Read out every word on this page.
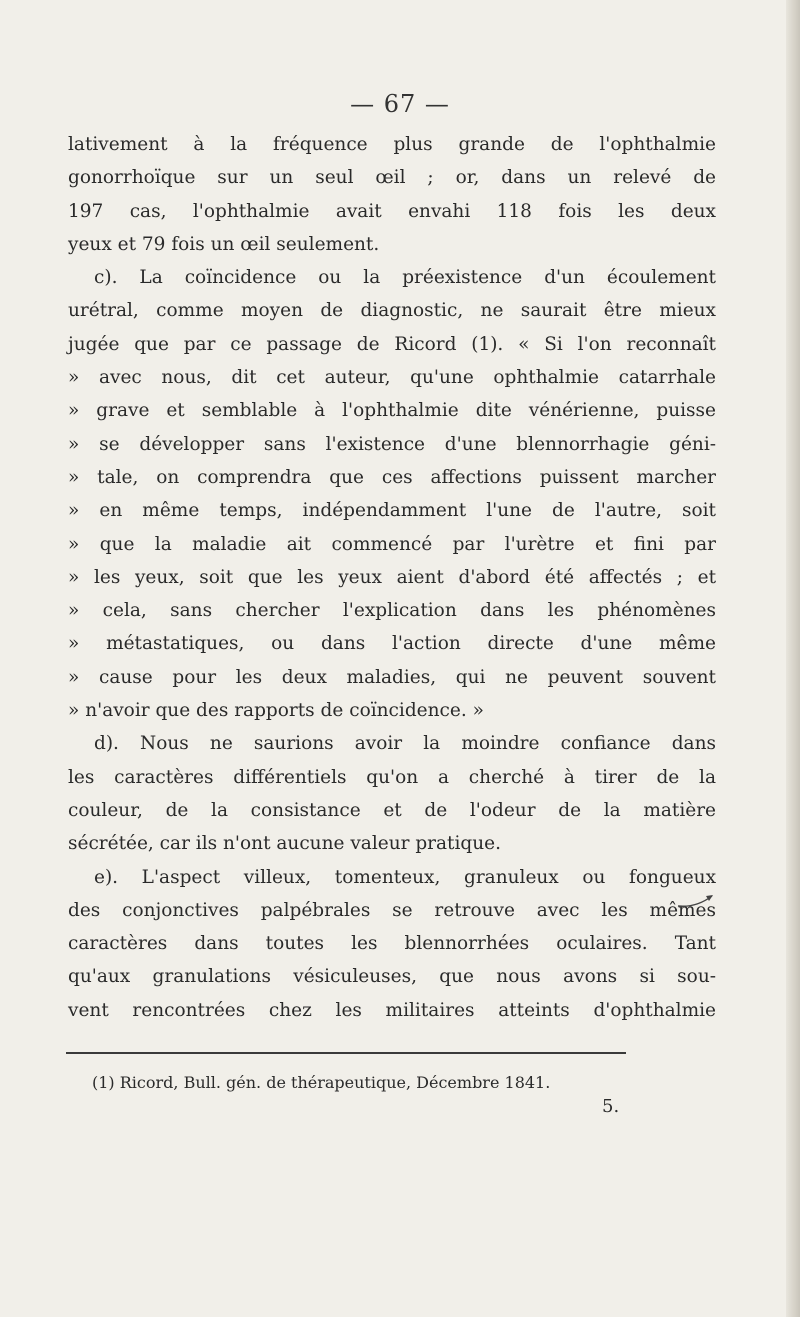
— 67 —
lativement à la fréquence plus grande de l'ophthalmie
gonorrhoïque sur un seul œil ; or, dans un relevé de
197 cas, l'ophthalmie avait envahi 118 fois les deux
yeux et 79 fois un œil seulement.
c). La coïncidence ou la préexistence d'un écoulement
urétral, comme moyen de diagnostic, ne saurait être mieux
jugée que par ce passage de Ricord (1). « Si l'on reconnaît
» avec nous, dit cet auteur, qu'une ophthalmie catarrhale
» grave et semblable à l'ophthalmie dite vénérienne, puisse
» se développer sans l'existence d'une blennorrhagie géni-
» tale, on comprendra que ces affections puissent marcher
» en même temps, indépendamment l'une de l'autre, soit
» que la maladie ait commencé par l'urètre et fini par
» les yeux, soit que les yeux aient d'abord été affectés ; et
» cela, sans chercher l'explication dans les phénomènes
» métastatiques, ou dans l'action directe d'une même
» cause pour les deux maladies, qui ne peuvent souvent
» n'avoir que des rapports de coïncidence. »
d). Nous ne saurions avoir la moindre confiance dans
les caractères différentiels qu'on a cherché à tirer de la
couleur, de la consistance et de l'odeur de la matière
sécrétée, car ils n'ont aucune valeur pratique.
e). L'aspect villeux, tomenteux, granuleux ou fongueux
des conjonctives palpébrales se retrouve avec les mêmes
caractères dans toutes les blennorrhées oculaires. Tant
qu'aux granulations vésiculeuses, que nous avons si sou-
vent rencontrées chez les militaires atteints d'ophthalmie
(1) Ricord, Bull. gén. de thérapeutique, Décembre 1841.
5.
